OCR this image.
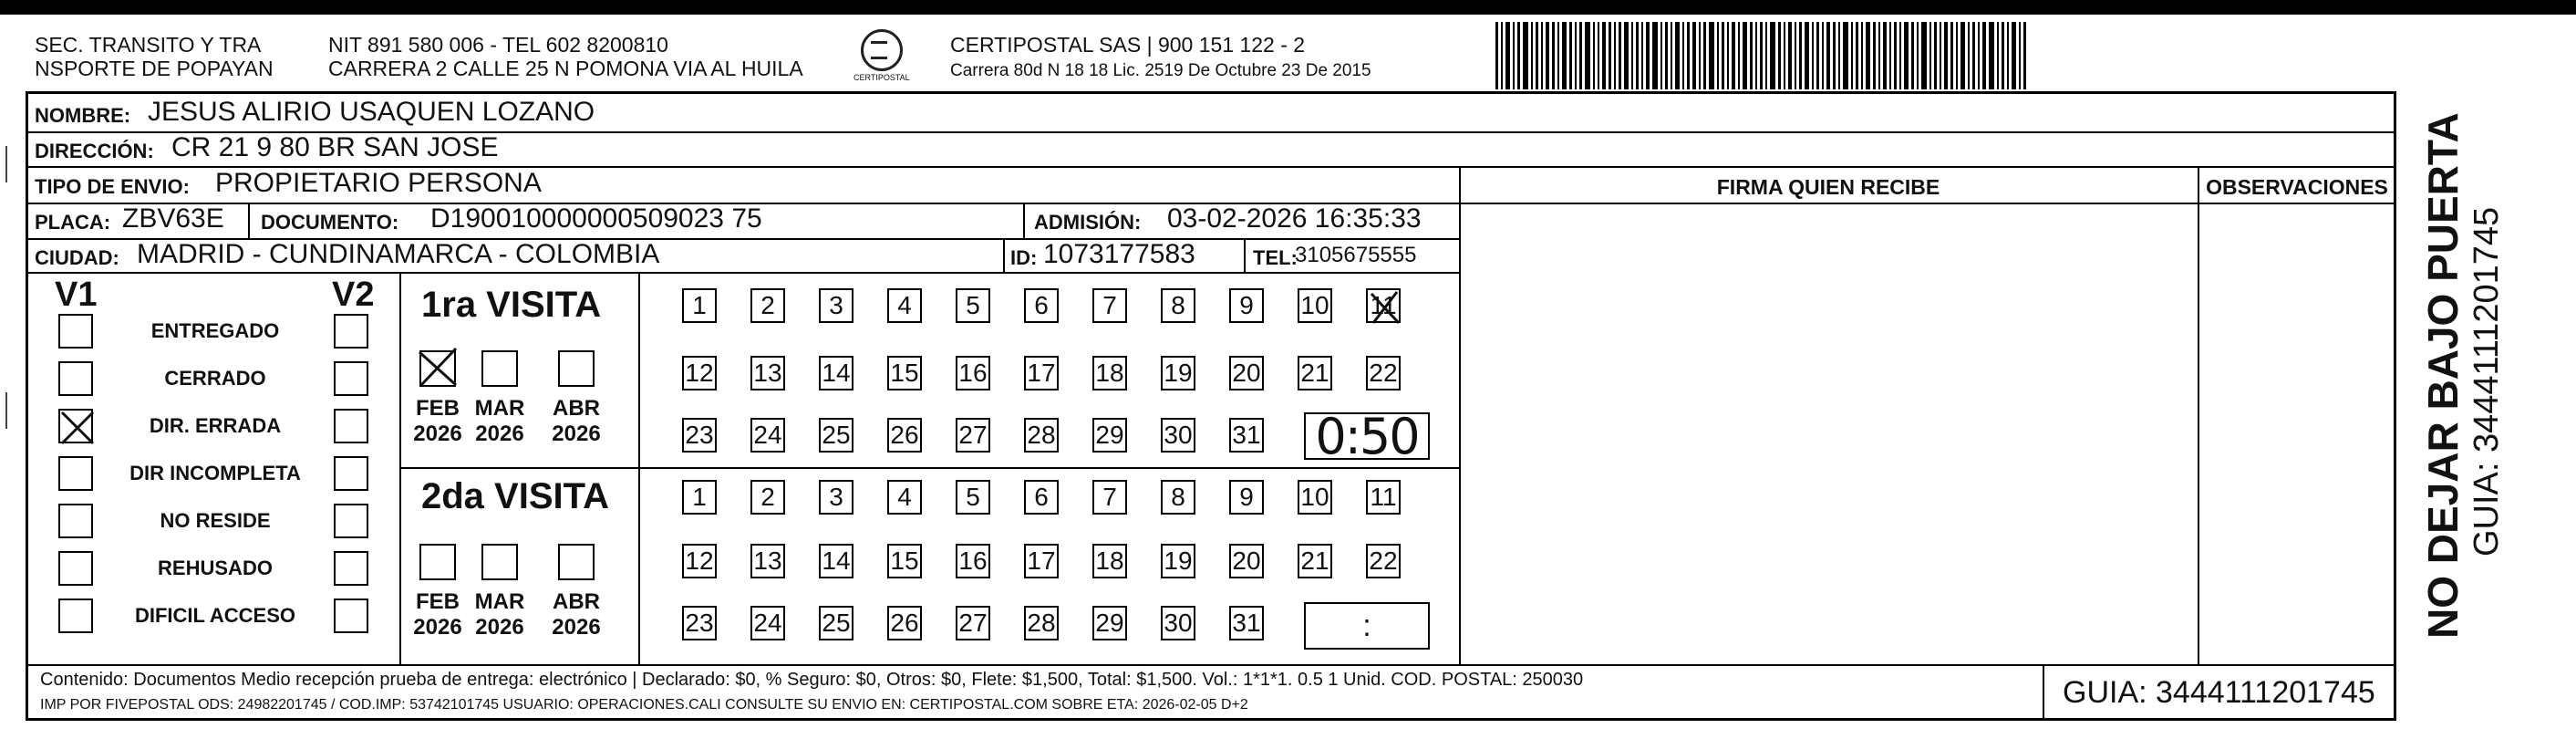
SEC. TRANSITO Y TRA
NSPORTE DE POPAYAN
NIT 891 580 006 - TEL 602 8200810
CARRERA 2 CALLE 25 N POMONA VIA AL HUILA	CERTIPOSTAL
CERTIPOSTAL SAS | 900 151 122 - 2
Carrera 80d N 18 18 Lic. 2519 De Octubre 23 De 2015
NOMBRE: JESUS ALIRIO USAQUEN LOZANO
DIRECCIÓN: CR 21 9 80 BR SAN JOSE
TIPO DE ENVIO: PROPIETARIO PERSONA	FIRMA QUIEN RECIBE	OBSERVACIONES
PLACA: ZBV63E DOCUMENTO: D190010000000509023 75	ADMISIÓN: 03-02-2026 16:35:33
CIUDAD: MADRID - CUNDINAMARCA - COLOMBIA	ID: 1073177583	TEL:
3105675555
V1	V2
ENTREGADO
CERRADO
DIR. ERRADA
DIR INCOMPLETA
NO RESIDE
REHUSADO
DIFICIL ACCESO
1ra VISITA
FEB
2026
MAR
2026
ABR
2026
1 2 3 4 5 6 7 8 9 10 11
12 13 14 15 16 17 18 19 20 21 22
23 24 25 26 27 28 29 30 31 0:50
2da VISITA
FEB
2026
MAR
2026
ABR
2026
1 2 3 4 5 6 7 8 9 10 11
12 13 14 15 16 17 18 19 20 21 22
23 24 25 26 27 28 29 30 31	:
Contenido: Documentos Medio recepción prueba de entrega: electrónico | Declarado: $0, % Seguro: $0, Otros: $0, Flete: $1,500, Total: $1,500. Vol.: 1*1*1. 0.5 1 Unid. COD. POSTAL: 250030
IMP POR FIVEPOSTAL ODS: 24982201745 / COD.IMP: 53742101745 USUARIO: OPERACIONES.CALI CONSULTE SU ENVIO EN: CERTIPOSTAL.COM SOBRE ETA: 2026-02-05 D+2	GUIA: 3444111201745
NO DEJAR BAJO PUERTA GUIA: 3444111201745
